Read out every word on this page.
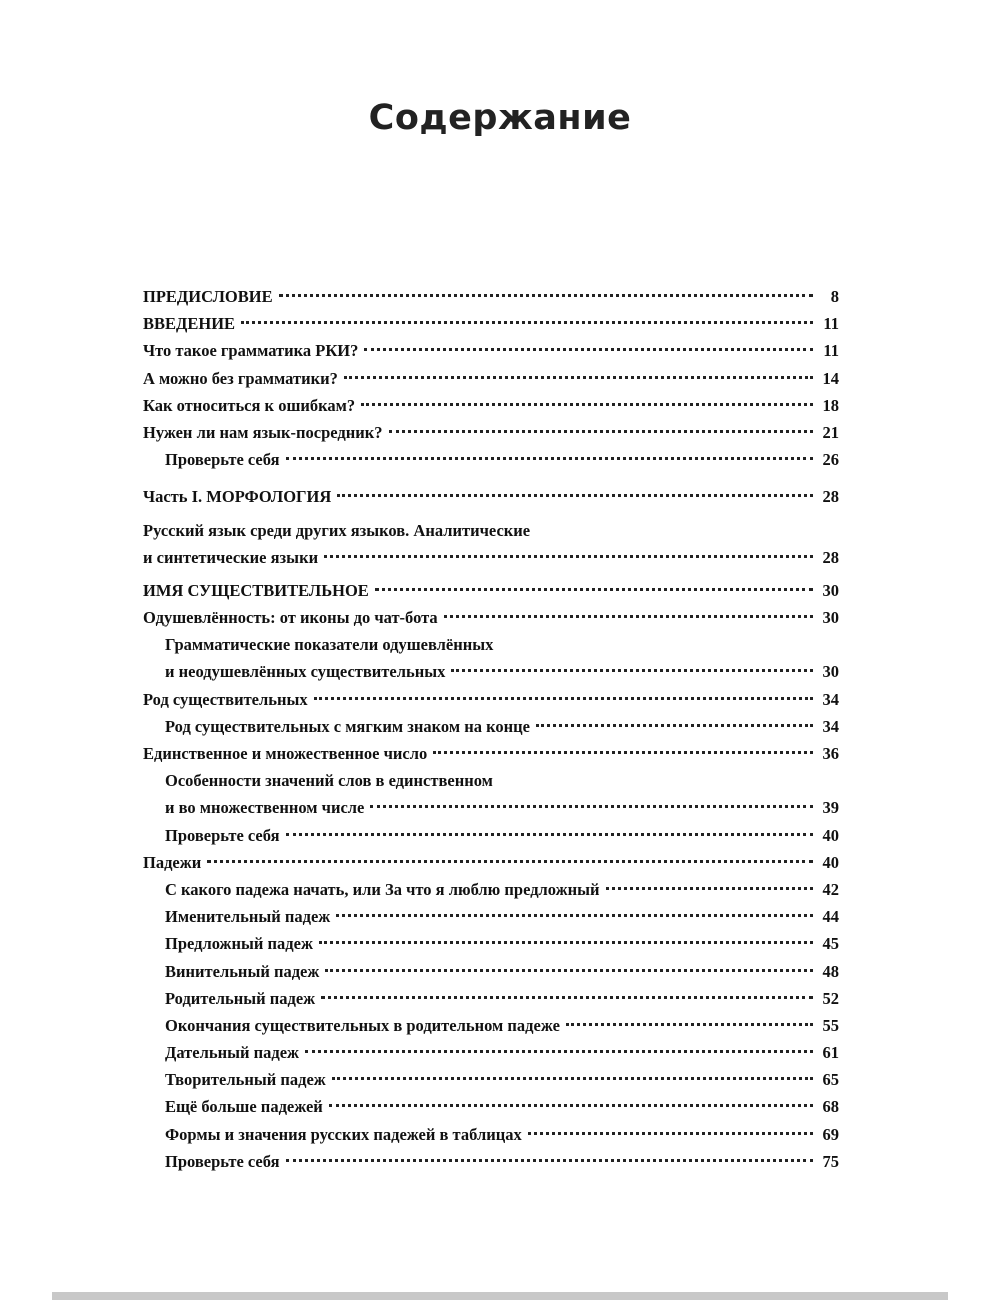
Содержание
ПРЕДИСЛОВИЕ	8
ВВЕДЕНИЕ	11
Что такое грамматика РКИ?	11
А можно без грамматики?	14
Как относиться к ошибкам?	18
Нужен ли нам язык-посредник?	21
Проверьте себя	26
Часть I. МОРФОЛОГИЯ	28
Русский язык среди других языков. Аналитические
и синтетические языки	28
ИМЯ СУЩЕСТВИТЕЛЬНОЕ	30
Одушевлённость: от иконы до чат-бота	30
Грамматические показатели одушевлённых
и неодушевлённых существительных	30
Род существительных	34
Род существительных с мягким знаком на конце	34
Единственное и множественное число	36
Особенности значений слов в единственном
и во множественном числе	39
Проверьте себя	40
Падежи	40
С какого падежа начать, или За что я люблю предложный	42
Именительный падеж	44
Предложный падеж	45
Винительный падеж	48
Родительный падеж	52
Окончания существительных в родительном падеже	55
Дательный падеж	61
Творительный падеж	65
Ещё больше падежей	68
Формы и значения русских падежей в таблицах	69
Проверьте себя	75
